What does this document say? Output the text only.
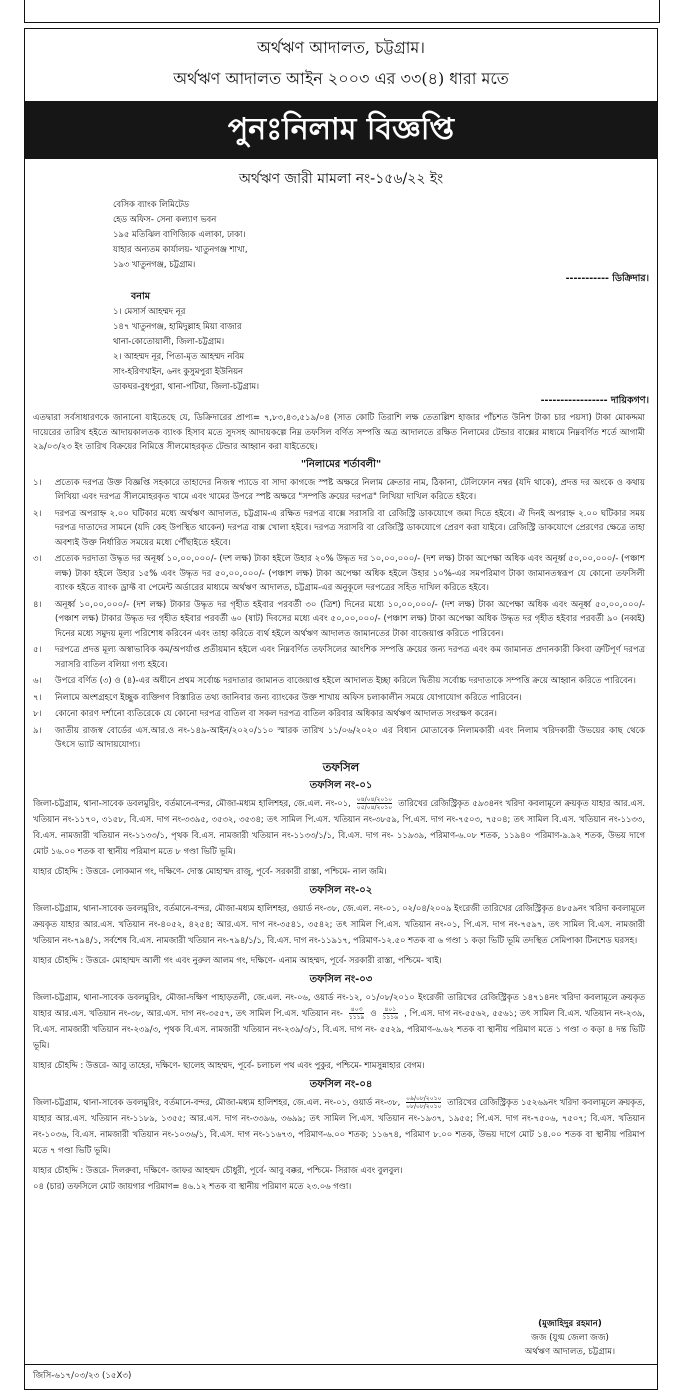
অর্থঋণ আদালত, চট্টগ্রাম।
অর্থঋণ আদালত আইন ২০০৩ এর ৩৩(৪) ধারা মতে
পুনঃনিলাম বিজ্ঞপ্তি
অর্থঋণ জারী মামলা নং-১৫৬/২২ ইং
বেসিক ব্যাংক লিমিটেড
হেড অফিস- সেনা কল্যাণ ভবন
১৯৫ মতিঝিল বাণিজ্যিক এলাকা, ঢাকা।
যাহার অন্যতম কার্যালয়- খাতুনগঞ্জ শাখা,
১৯৩ খাতুনগঞ্জ, চট্টগ্রাম।
----------- ডিক্রিদার।
বনাম
১। মেসার্স আহম্মদ নূর
১৪৭ খাতুনগঞ্জ, হামিদুল্লাহ মিয়া বাজার
থানা-কোতোয়ালী, জিলা-চট্টগ্রাম।
২। আহম্মদ নূর, পিতা-মৃত আহম্মদ নবিম
সাং-হরিণখাইন, ৬নং কুসুমপুরা ইউনিয়ন
ডাকঘর-বুধপুরা, থানা-পটিয়া, জিলা-চট্টগ্রাম।
----------------- দায়িকগণ।
এতদ্বারা সর্বসাধারণকে জানানো যাইতেছে যে, ডিক্রিদারের প্রাপ্য= ৭,৮৩,৪৩,৫১৯/০৪ (সাত কোটি তিরাশি লক্ষ তেতাল্লিশ হাজার পাঁচশত উনিশ টাকা চার পয়সা) টাকা মোকদ্দমা দায়েরের তারিখ হইতে আদায়কালতক ব্যাংক হিসাব মতে সুদসহ আদায়কল্পে নিম্ন তফসিল বর্ণিত সম্পত্তি অত্র আদালতে রক্ষিত নিলামের টেন্ডার বাক্সের মাধ্যমে নিম্নবর্ণিত শর্তে আগামী ২৯/০৩/২৩ ইং তারিখ বিক্রয়ের নিমিত্তে সীলমোহরকৃত টেন্ডার আহ্বান করা যাইতেছে।
"নিলামের শর্তাবলী"
১।	প্রত্যেক দরপত্র উক্ত বিজ্ঞপ্তি সহকারে তাহাদের নিজস্ব প্যাডে বা সাদা কাগজে স্পষ্ট অক্ষরে নিলাম ক্রেতার নাম, ঠিকানা, টেলিফোন নম্বর (যদি থাকে), প্রদত্ত দর অংকে ও কথায় লিখিয়া এবং দরপত্র সীলমোহরকৃত খামে এবং খামের উপরে স্পষ্ট অক্ষরে "সম্পত্তি ক্রয়ের দরপত্র" লিখিয়া দাখিল করিতে হইবে।
২।	দরপত্র অপরাহ্ন ২.০০ ঘটিকার মধ্যে অর্থঋণ আদালত, চট্টগ্রাম-এ রক্ষিত দরপত্র বাক্সে সরাসরি বা রেজিস্ট্রি ডাকযোগে জমা দিতে হইবে। ঐ দিনই অপরাহ্ন ২.০০ ঘটিকার সময় দরপত্র দাতাদের সামনে (যদি কেহ উপস্থিত থাকেন) দরপত্র বাক্স খোলা হইবে। দরপত্র সরাসরি বা রেজিস্ট্রি ডাকযোগে প্রেরণ করা যাইবে। রেজিস্ট্রি ডাকযোগে প্রেরণের ক্ষেত্রে তাহা অবশ্যই উক্ত নির্ধারিত সময়ের মধ্যে পৌঁছাইতে হইবে।
৩।	প্রত্যেক দরদাতা উদ্ধৃত দর অনূর্ধ্ব ১০,০০,০০০/- (দশ লক্ষ) টাকা হইলে উহার ২০% উদ্ধৃত দর ১০,০০,০০০/- (দশ লক্ষ) টাকা অপেক্ষা অধিক এবং অনূর্ধ্ব ৫০,০০,০০০/- (পঞ্চাশ লক্ষ) টাকা হইলে উহার ১৫% এবং উদ্ধৃত দর ৫০,০০,০০০/- (পঞ্চাশ লক্ষ) টাকা অপেক্ষা অধিক হইলে উহার ১০%-এর সমপরিমাণ টাকা জামানতস্বরূপ যে কোনো তফসিলী ব্যাংক হইতে ব্যাংক ড্রাফ্ট বা পেমেন্ট অর্ডারের মাধ্যমে অর্থঋণ আদালত, চট্টগ্রাম-এর অনুকূলে দরপত্রের সহিত দাখিল করিতে হইবে।
৪।	অনূর্ধ্ব ১০,০০,০০০/- (দশ লক্ষ) টাকার উদ্ধৃত দর গৃহীত হইবার পরবর্তী ৩০ (ত্রিশ) দিনের মধ্যে ১০,০০,০০০/- (দশ লক্ষ) টাকা অপেক্ষা অধিক এবং অনূর্ধ্ব ৫০,০০,০০০/- (পঞ্চাশ লক্ষ) টাকার উদ্ধৃত দর গৃহীত হইবার পরবর্তী ৬০ (ষাট) দিবসের মধ্যে এবং ৫০,০০,০০০/- (পঞ্চাশ লক্ষ) টাকা অপেক্ষা অধিক উদ্ধৃত দর গৃহীত হইবার পরবর্তী ৯০ (নব্বই) দিনের মধ্যে সমুদয় মূল্য পরিশোধ করিবেন এবং তাহা করিতে ব্যর্থ হইলে অর্থঋণ আদালত জামানতের টাকা বাজেয়াপ্ত করিতে পারিবেন।
৫।	দরপত্রে প্রদত্ত মূল্য অস্বাভাবিক কম/অপর্যাপ্ত প্রতীয়মান হইলে এবং নিম্নবর্ণিত তফসিলের আংশিক সম্পত্তি ক্রয়ের জন্য দরপত্র এবং কম জামানত প্রদানকারী কিংবা ত্রুটিপূর্ণ দরপত্র সরাসরি বাতিল বলিয়া গণ্য হইবে।
৬।	উপরে বর্ণিত (৩) ও (৪)-এর অধীনে প্রথম সর্বোচ্চ দরদাতার জামানত বাজেয়াপ্ত হইলে আদালত ইচ্ছা করিলে দ্বিতীয় সর্বোচ্চ দরদাতাকে সম্পত্তি ক্রয়ে আহ্বান করিতে পারিবেন।
৭।	নিলামে অংশগ্রহণে ইচ্ছুক ব্যক্তিগণ বিস্তারিত তথ্য জানিবার জন্য ব্যাংকের উক্ত শাখায় অফিস চলাকালীন সময়ে যোগাযোগ করিতে পারিবেন।
৮।	কোনো কারণ দর্শানো ব্যতিরেকে যে কোনো দরপত্র বাতিল বা সকল দরপত্র বাতিল করিবার অধিকার অর্থঋণ আদালত সংরক্ষণ করেন।
৯।	জাতীয় রাজস্ব বোর্ডের এস.আর.ও নং-১৪৯-আইন/২০২০/১১০ স্মারক তারিখ ১১/০৬/২০২০ এর বিধান মোতাবেক নিলামকারী এবং নিলাম খরিদকারী উভয়ের কাছ থেকে উৎসে ভ্যাট আদায়যোগ্য।
তফসিল
তফসিল নং-০১
জিলা-চট্টগ্রাম, থানা-সাবেক ডবলমুরিং, বর্তমানে-বন্দর, মৌজা-মধ্যম হালিশহর, জে.এল. নং-০১, $\frac{০৪/০৪/২০১০}{০৫/০৪/২০১০}$ তারিখের রেজিস্ট্রিকৃত ৫৯৩৪নং খরিদা কবলামূলে ক্রয়কৃত যাহার আর.এস. খতিয়ান নং-১১৭০, ৩১৫৮, বি.এস. দাগ নং-৩৩৯৫, ৩৫৩২, ৩৫৩৪; তৎ সামিল পি.এস. খতিয়ান নং-৩৮৫৯, পি.এস. দাগ নং-৭৫০৩, ৭৫০৪; তৎ সামিল বি.এস. খতিয়ান নং-১১৩৩, বি.এস. নামজারী খতিয়ান নং-১১৩৩/১, পৃথক বি.এস. নামজারী খতিয়ান নং-১১৩৩/১/১, বি.এস. দাগ নং- ১১৯৩৯, পরিমাণ-৬.০৮ শতক, ১১৯৪০ পরিমাণ-৯.৯২ শতক, উভয় দাগে মোট ১৬.০০ শতক বা স্থানীয় পরিমাপ মতে ৮ গণ্ডা ভিটি ভূমি।
যাহার চৌহদ্দি : উত্তরে- লোকমান গং, দক্ষিণে- দোস্ত মোহাম্মদ রাজু, পূর্বে- সরকারী রাস্তা, পশ্চিমে- নাল জমি।
তফসিল নং-০২
জিলা-চট্টগ্রাম, থানা-সাবেক ডবলমুরিং, বর্তমানে-বন্দর, মৌজা-মধ্যম হালিশহর, ওয়ার্ড নং-৩৮, জে.এল. নং-০১, ০২/০৪/২০০৯ ইংরেজী তারিখের রেজিস্ট্রিকৃত ৪৮৫৯নং খরিদা কবলামূলে ক্রয়কৃত যাহার আর.এস. খতিয়ান নং-৪০৫২, ৪২৫৪; আর.এস. দাগ নং-৩৫৪১, ৩৫৪২; তৎ সামিল পি.এস. খতিয়ান নং-০১, পি.এস. দাগ নং-৭৫৯৭, তৎ সামিল বি.এস. নামজারী খতিয়ান নং-৭৯৪/১, সর্বশেষ বি.এস. নামজারী খতিয়ান নং-৭৯৪/১/১, বি.এস. দাগ নং-১১৯১৭, পরিমাণ-১২.৫০ শতক বা ৬ গণ্ডা ১ কড়া ভিটি ভূমি তদস্থিত সেমিপাকা টিনশেড ঘরসহ।
যাহার চৌহদ্দি : উত্তরে- মোহাম্মদ আলী গং এবং নুরুল আলম গং, দক্ষিণে- এনাম আহম্মদ, পূর্বে- সরকারী রাস্তা, পশ্চিমে- খাই।
তফসিল নং-০৩
জিলা-চট্টগ্রাম, থানা-সাবেক ডবলমুরিং, মৌজা-দক্ষিণ পাহাড়তলী, জে.এল. নং-০৬, ওয়ার্ড নং-১২, ০১/০৮/২০১০ ইংরেজী তারিখের রেজিস্ট্রিকৃত ১৪৭১৪নং খরিদা কবলামূলে ক্রয়কৃত যাহার আর.এস. খতিয়ান নং-৩৮, আর.এস. দাগ নং-৩৫৫৭, তৎ সামিল পি.এস. খতিয়ান নং- $\frac{৪০৩}{১১১৯}$ ও $\frac{৪০১}{১১১৬}$ , পি.এস. দাগ নং-৫৫৬২, ৫৫৬১; তৎ সামিল বি.এস. খতিয়ান নং-২৩৯, বি.এস. নামজারী খতিয়ান নং-২৩৯/৩, পৃথক বি.এস. নামজারী খতিয়ান নং-২৩৯/৩/১, বি.এস. দাগ নং- ৫৫২৯, পরিমাণ-৬.৬২ শতক বা স্থানীয় পরিমাণ মতে ১ গণ্ডা ৩ কড়া ৪ দন্ত ভিটি ভূমি।
যাহার চৌহদ্দি : উত্তরে- আবু তাহের, দক্ষিণে- ছালেহ আহম্মদ, পূর্বে- চলাচল পথ এবং পুকুর, পশ্চিমে- শামসুন্নাহার বেগম।
তফসিল নং-০৪
জিলা-চট্টগ্রাম, থানা-সাবেক ডবলমুরিং, বর্তমানে-বন্দর, মৌজা-মধ্যম হালিশহর, জে.এল. নং-০১, ওয়ার্ড নং-৩৮, $\frac{০৯/০৮/২০১০}{০৮/০৮/২০১০}$ তারিখের রেজিস্ট্রিকৃত ১৫২৬৯নং খরিদা কবলামূলে ক্রয়কৃত, যাহার আর.এস. খতিয়ান নং-১১৮৯, ১৩৫৫; আর.এস. দাগ নং-৩৩৯৬, ৩৬৯৯; তৎ সামিল পি.এস. খতিয়ান নং-১৯৩৭, ১৯৫৫; পি.এস. দাগ নং-৭৫০৬, ৭৫০৭; বি.এস. খতিয়ান নং-১০৩৬, বি.এস. নামজারী খতিয়ান নং-১০৩৬/১, বি.এস. দাগ নং-১১৬৭৩, পরিমাণ-৬.০০ শতক; ১১৬৭৪, পরিমাণ ৮.০০ শতক, উভয় দাগে মোট ১৪.০০ শতক বা স্থানীয় পরিমাপ মতে ৭ গণ্ডা ভিটি ভূমি।
যাহার চৌহদ্দি : উত্তরে- দিলরুবা, দক্ষিণে- জাফর আহম্মদ চৌধুরী, পূর্বে- আবু বক্কর, পশ্চিমে- সিরাজ এবং বুলবুল।
০৪ (চার) তফসিলে মোট জায়গার পরিমাণ= ৪৬.১২ শতক বা স্থানীয় পরিমাণ মতে ২৩.০৬ গণ্ডা।
(মুজাহিদুর রহমান)
জজ (যুগ্ম জেলা জজ)
অর্থঋণ আদালত, চট্টগ্রাম।
জিসি-৬১৭/০৩/২৩ (১৫X৩)
